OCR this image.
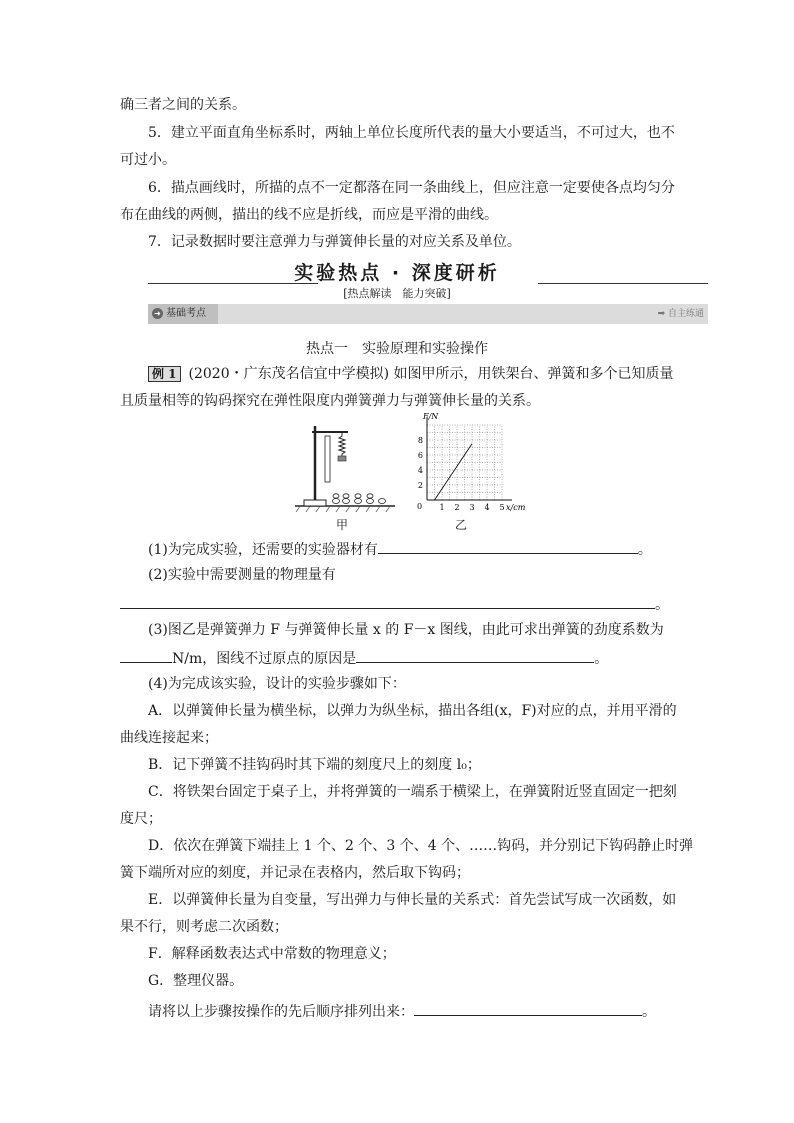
确三者之间的关系。
5．建立平面直角坐标系时，两轴上单位长度所代表的量大小要适当，不可过大，也不
可过小。
6．描点画线时，所描的点不一定都落在同一条曲线上，但应注意一定要使各点均匀分
布在曲线的两侧，描出的线不应是折线，而应是平滑的曲线。
7．记录数据时要注意弹力与弹簧伸长量的对应关系及单位。
实验热点 · 深度研析
[热点解读　能力突破]
➜ 基础考点	➡ 自主练通
热点一　实验原理和实验操作
例 1 (2020・广东茂名信宜中学模拟) 如图甲所示，用铁架台、弹簧和多个已知质量
且质量相等的钩码探究在弹性限度内弹簧弹力与弹簧伸长量的关系。
甲
F/N
x/cm
0 1 2 3 4 5
2
4
6
8
乙
(1)为完成实验，还需要的实验器材有	。
(2)实验中需要测量的物理量有
。
(3)图乙是弹簧弹力 F 与弹簧伸长量 x 的 F－x 图线，由此可求出弹簧的劲度系数为
N/m，图线不过原点的原因是	。
(4)为完成该实验，设计的实验步骤如下：
A．以弹簧伸长量为横坐标，以弹力为纵坐标，描出各组(x，F)对应的点，并用平滑的
曲线连接起来；
B．记下弹簧不挂钩码时其下端的刻度尺上的刻度 l₀；
C．将铁架台固定于桌子上，并将弹簧的一端系于横梁上，在弹簧附近竖直固定一把刻
度尺；
D．依次在弹簧下端挂上 1 个、2 个、3 个、4 个、……钩码，并分别记下钩码静止时弹
簧下端所对应的刻度，并记录在表格内，然后取下钩码；
E．以弹簧伸长量为自变量，写出弹力与伸长量的关系式：首先尝试写成一次函数，如
果不行，则考虑二次函数；
F．解释函数表达式中常数的物理意义；
G．整理仪器。
请将以上步骤按操作的先后顺序排列出来：	。
